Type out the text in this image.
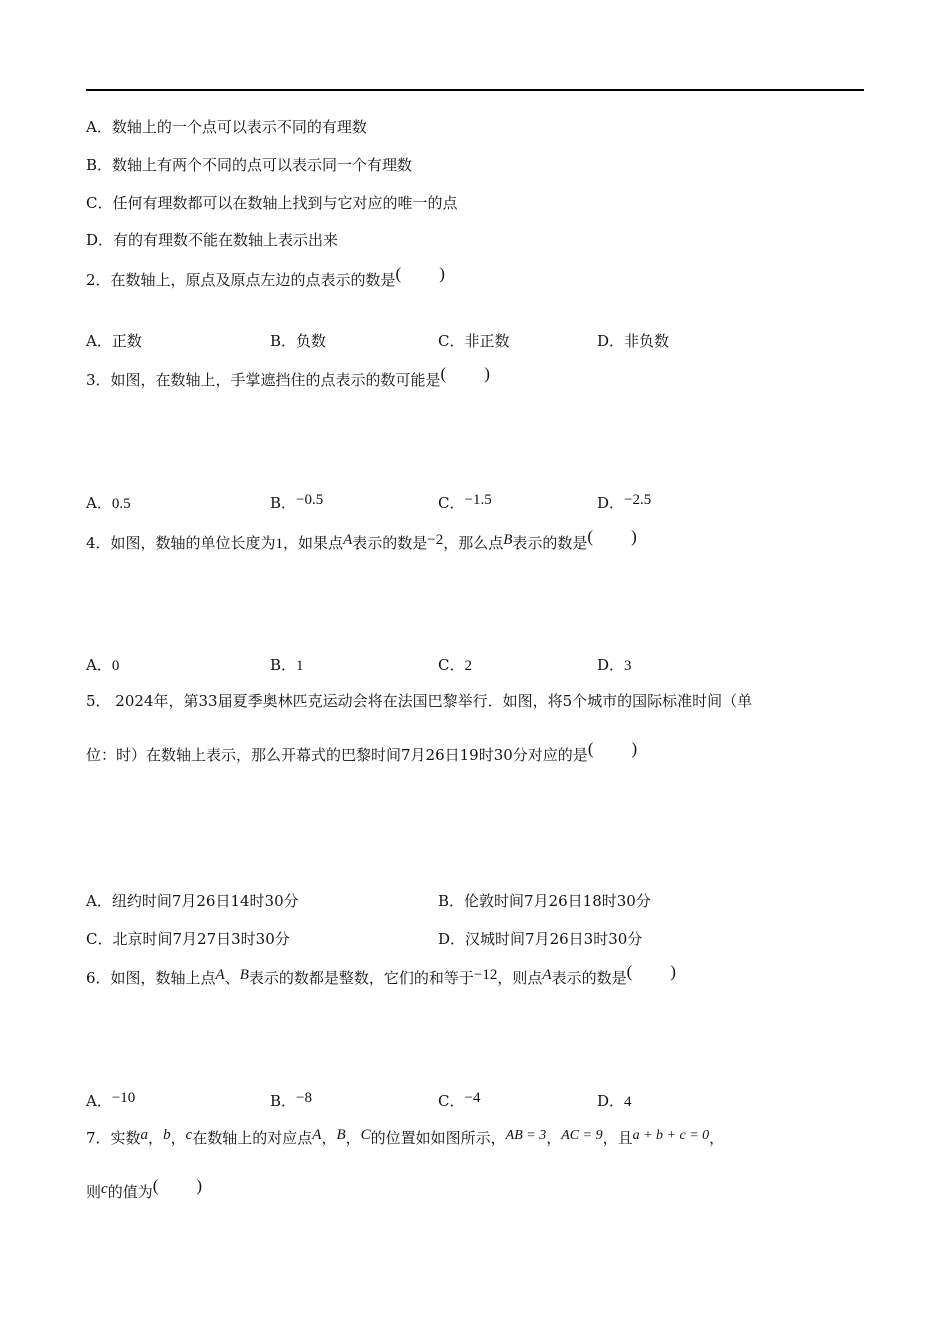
A．数轴上的一个点可以表示不同的有理数
B．数轴上有两个不同的点可以表示同一个有理数
C．任何有理数都可以在数轴上找到与它对应的唯一的点
D．有的有理数不能在数轴上表示出来
2．在数轴上，原点及原点左边的点表示的数是( )
A．正数	B．负数	C．非正数	D．非负数
3．如图，在数轴上，手掌遮挡住的点表示的数可能是( )
A．0.5	B．−0.5	C．−1.5	D．−2.5
4．如图，数轴的单位长度为1，如果点A表示的数是−2，那么点B表示的数是( )
A．0	B．1	C．2	D．3
5． 2024年，第33届夏季奥林匹克运动会将在法国巴黎举行．如图，将5个城市的国际标准时间（单
位：时）在数轴上表示，那么开幕式的巴黎时间7月26日19时30分对应的是( )
A．纽约时间7月26日14时30分	B．伦敦时间7月26日18时30分
C．北京时间7月27日3时30分	D．汉城时间7月26日3时30分
6．如图，数轴上点A、B表示的数都是整数，它们的和等于−12，则点A表示的数是( )
A．−10	B．−8	C．−4	D．4
7．实数a，b，c在数轴上的对应点A，B，C的位置如如图所示，AB = 3，AC = 9，且a + b + c = 0，
则c的值为( )
